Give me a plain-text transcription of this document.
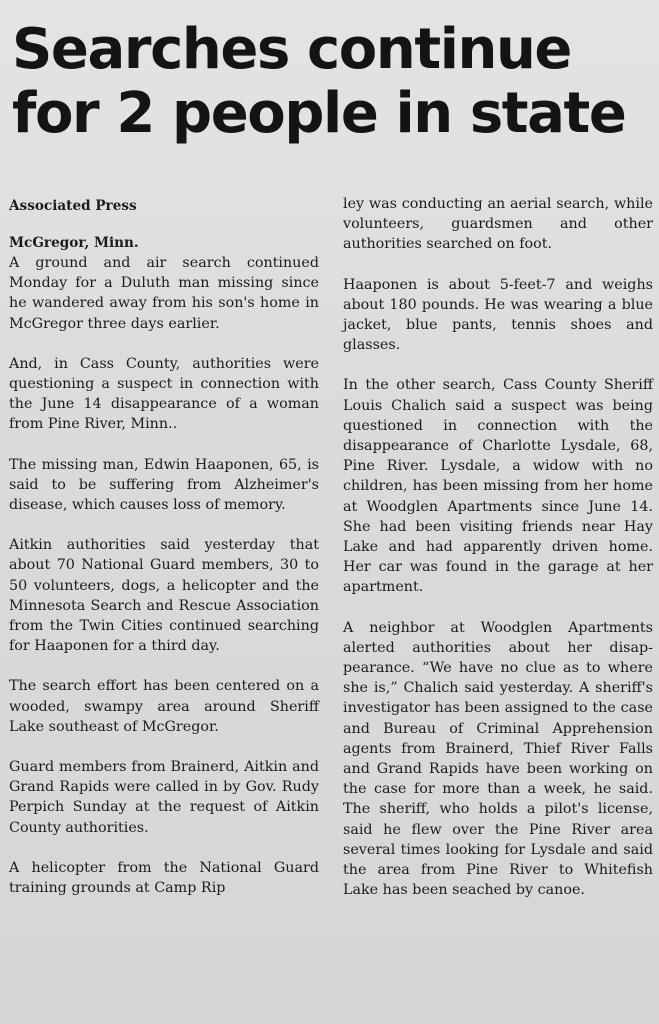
Searches continue
for 2 people in state
Associated Press
McGregor, Minn.

A ground and air search continued Monday for a Duluth man missing since he wandered away from his son's home in McGregor three days earlier.

And, in Cass County, authorities were questioning a suspect in connection with the June 14 disappearance of a woman from Pine River, Minn..

The missing man, Edwin Haaponen, 65, is said to be suffering from Alzheimer's disease, which causes loss of memory.

Aitkin authorities said yesterday that about 70 National Guard members, 30 to 50 volunteers, dogs, a helicopter and the Minnesota Search and Rescue Association from the Twin Cities continued searching for Haaponen for a third day.

The search effort has been centered on a wooded, swampy area around Sheriff Lake southeast of McGregor.

Guard members from Brainerd, Aitkin and Grand Rapids were called in by Gov. Rudy Perpich Sunday at the request of Aitkin County authorities.

A helicopter from the National Guard training grounds at Camp Rip

ley was conducting an aerial search, while volunteers, guardsmen and other authorities searched on foot.

Haaponen is about 5-feet-7 and weighs about 180 pounds. He was wearing a blue jacket, blue pants, tennis shoes and glasses.

In the other search, Cass County Sheriff Louis Chalich said a suspect was being questioned in connection with the disappearance of Charlotte Lysdale, 68, Pine River. Lysdale, a widow with no children, has been missing from her home at Woodglen Apartments since June 14. She had been visiting friends near Hay Lake and had apparently driven home. Her car was found in the garage at her apartment.

A neighbor at Woodglen Apartments alerted authorities about her disappearance. “We have no clue as to where she is,” Chalich said yesterday. A sheriff's investigator has been assigned to the case and Bureau of Criminal Apprehension agents from Brainerd, Thief River Falls and Grand Rapids have been working on the case for more than a week, he said. The sheriff, who holds a pilot's license, said he flew over the Pine River area several times looking for Lysdale and said the area from Pine River to Whitefish Lake has been seached by canoe.
